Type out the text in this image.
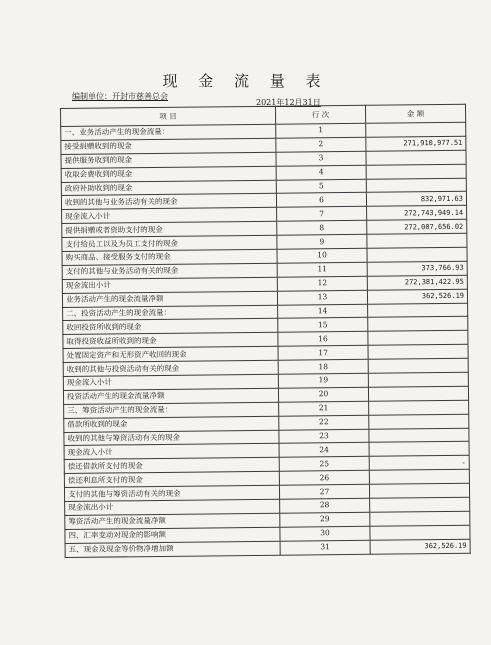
现 金 流 量 表
编制单位：开封市慈善总会
2021年12月31日
项 目	行 次	金 额
一、业务活动产生的现金流量：	1	
接受捐赠收到的现金	2	271,910,977.51
提供服务收到的现金	3	
收取会费收到的现金	4	
政府补助收到的现金	5	
收到的其他与业务活动有关的现金	6	832,971.63
现金流入小计	7	272,743,949.14
提供捐赠或者资助支付的现金	8	272,007,656.02
支付给员工以及为员工支付的现金	9	
购买商品、接受服务支付的现金	10	
支付的其他与业务活动有关的现金	11	373,766.93
现金流出小计	12	272,381,422.95
业务活动产生的现金流量净额	13	362,526.19
二、投资活动产生的现金流量：	14	
收回投资所收到的现金	15	
取得投资收益所收到的现金	16	
处置固定资产和无形资产收回的现金	17	
收到的其他与投资活动有关的现金	18	
现金流入小计	19	
投资活动产生的现金流量净额	20	
三、筹资活动产生的现金流量：	21	
借款所收到的现金	22	
收到的其他与筹资活动有关的现金	23	
现金流入小计	24	
偿还借款所支付的现金	25	-
偿还利息所支付的现金	26	
支付的其他与筹资活动有关的现金	27	
现金流出小计	28	
筹资活动产生的现金流量净额	29	
四、汇率变动对现金的影响额	30	
五、现金及现金等价物净增加额	31	362,526.19
